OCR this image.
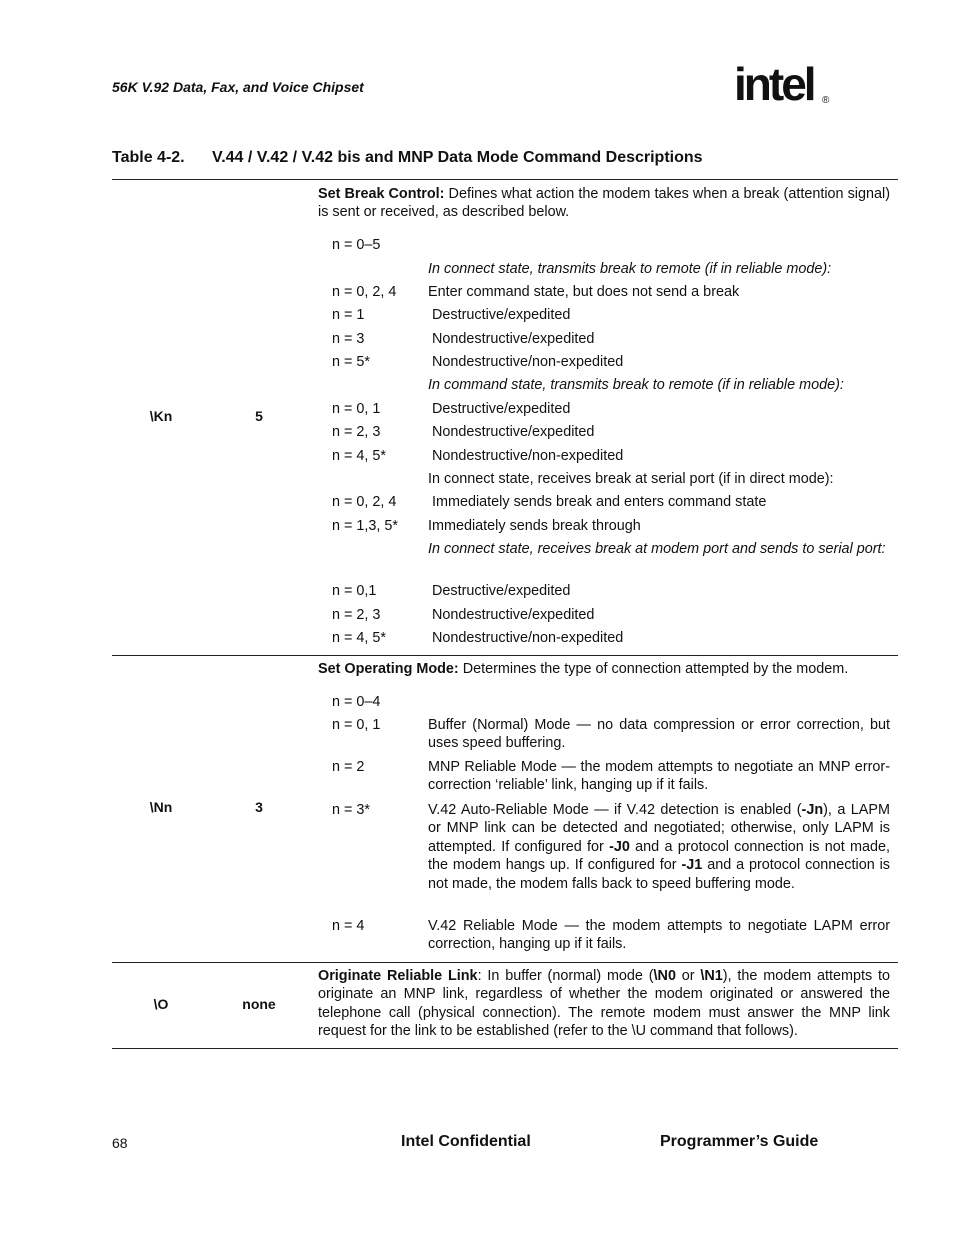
56K V.92 Data, Fax, and Voice Chipset	intel ®
Table 4-2. V.44 / V.42 / V.42 bis and MNP Data Mode Command Descriptions
\Kn	5
Set Break Control: Defines what action the modem takes when a break (attention signal) is sent or received, as described below.
n = 0–5
In connect state, transmits break to remote (if in reliable mode):
n = 0, 2, 4 Enter command state, but does not send a break
n = 1	Destructive/expedited
n = 3	Nondestructive/expedited
n = 5*	Nondestructive/non-expedited
In command state, transmits break to remote (if in reliable mode):
n = 0, 1	Destructive/expedited
n = 2, 3	Nondestructive/expedited
n = 4, 5*	Nondestructive/non-expedited
In connect state, receives break at serial port (if in direct mode):
n = 0, 2, 4 Immediately sends break and enters command state
n = 1,3, 5* Immediately sends break through
In connect state, receives break at modem port and sends to serial port:
n = 0,1	Destructive/expedited
n = 2, 3	Nondestructive/expedited
n = 4, 5*	Nondestructive/non-expedited
\Nn	3
Set Operating Mode: Determines the type of connection attempted by the modem.
n = 0–4
n = 0, 1	Buffer (Normal) Mode — no data compression or error correction, but uses speed buffering.
n = 2	MNP Reliable Mode — the modem attempts to negotiate an MNP error-correction ‘reliable’ link, hanging up if it fails.
n = 3*	V.42 Auto-Reliable Mode — if V.42 detection is enabled (-Jn), a LAPM or MNP link can be detected and negotiated; otherwise, only LAPM is attempted. If configured for -J0 and a protocol connection is not made, the modem hangs up. If configured for -J1 and a protocol connection is not made, the modem falls back to speed buffering mode.
n = 4	V.42 Reliable Mode — the modem attempts to negotiate LAPM error correction, hanging up if it fails.
\O	none
Originate Reliable Link: In buffer (normal) mode (\N0 or \N1), the modem attempts to originate an MNP link, regardless of whether the modem originated or answered the telephone call (physical connection). The remote modem must answer the MNP link request for the link to be established (refer to the \U command that follows).
68	Intel Confidential	Programmer’s Guide
